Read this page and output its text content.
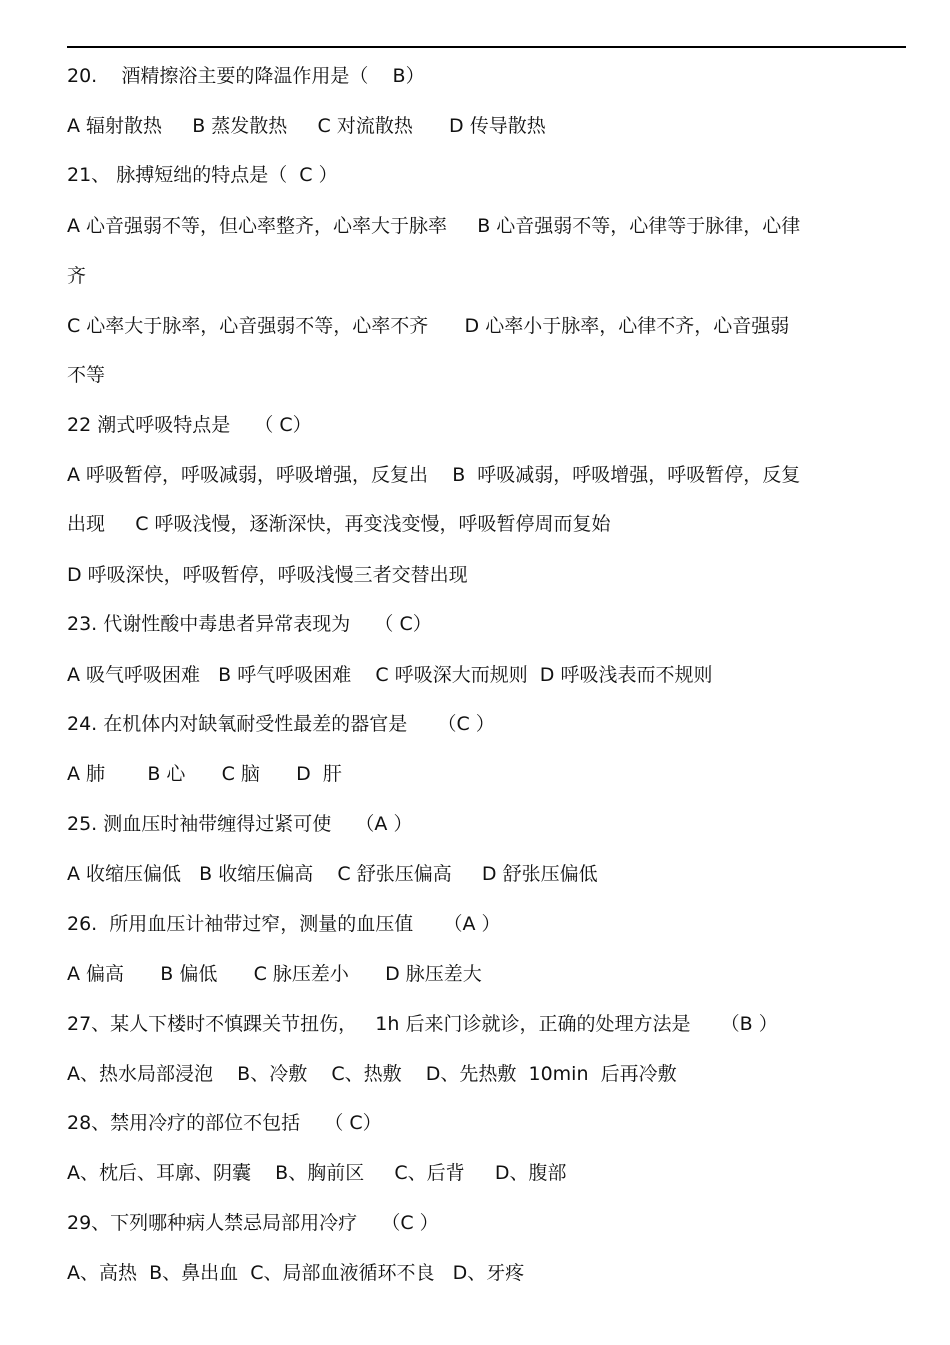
20.    酒精擦浴主要的降温作用是（    B）
A 辐射散热     B 蒸发散热     C 对流散热      D 传导散热
21、 脉搏短绌的特点是（  C ）
A 心音强弱不等，但心率整齐，心率大于脉率     B 心音强弱不等，心律等于脉律，心律
齐
C 心率大于脉率，心音强弱不等，心率不齐      D 心率小于脉率，心律不齐，心音强弱
不等
22 潮式呼吸特点是    （ C）
A 呼吸暂停，呼吸减弱，呼吸增强，反复出    B  呼吸减弱，呼吸增强，呼吸暂停，反复
出现     C 呼吸浅慢，逐渐深快，再变浅变慢，呼吸暂停周而复始
D 呼吸深快，呼吸暂停，呼吸浅慢三者交替出现
23. 代谢性酸中毒患者异常表现为    （ C）
A 吸气呼吸困难   B 呼气呼吸困难    C 呼吸深大而规则  D 呼吸浅表而不规则
24. 在机体内对缺氧耐受性最差的器官是     （C ）
A 肺       B 心      C 脑      D  肝
25. 测血压时袖带缠得过紧可使    （A ）
A 收缩压偏低   B 收缩压偏高    C 舒张压偏高     D 舒张压偏低
26.  所用血压计袖带过窄，测量的血压值     （A ）
A 偏高      B 偏低      C 脉压差小      D 脉压差大
27、某人下楼时不慎踝关节扭伤，   1h 后来门诊就诊，正确的处理方法是     （B ）
A、热水局部浸泡    B、冷敷    C、热敷    D、先热敷  10min  后再冷敷
28、禁用冷疗的部位不包括    （ C）
A、枕后、耳廓、阴囊    B、胸前区     C、后背     D、腹部
29、下列哪种病人禁忌局部用冷疗    （C ）
A、高热  B、鼻出血  C、局部血液循环不良   D、牙疼
